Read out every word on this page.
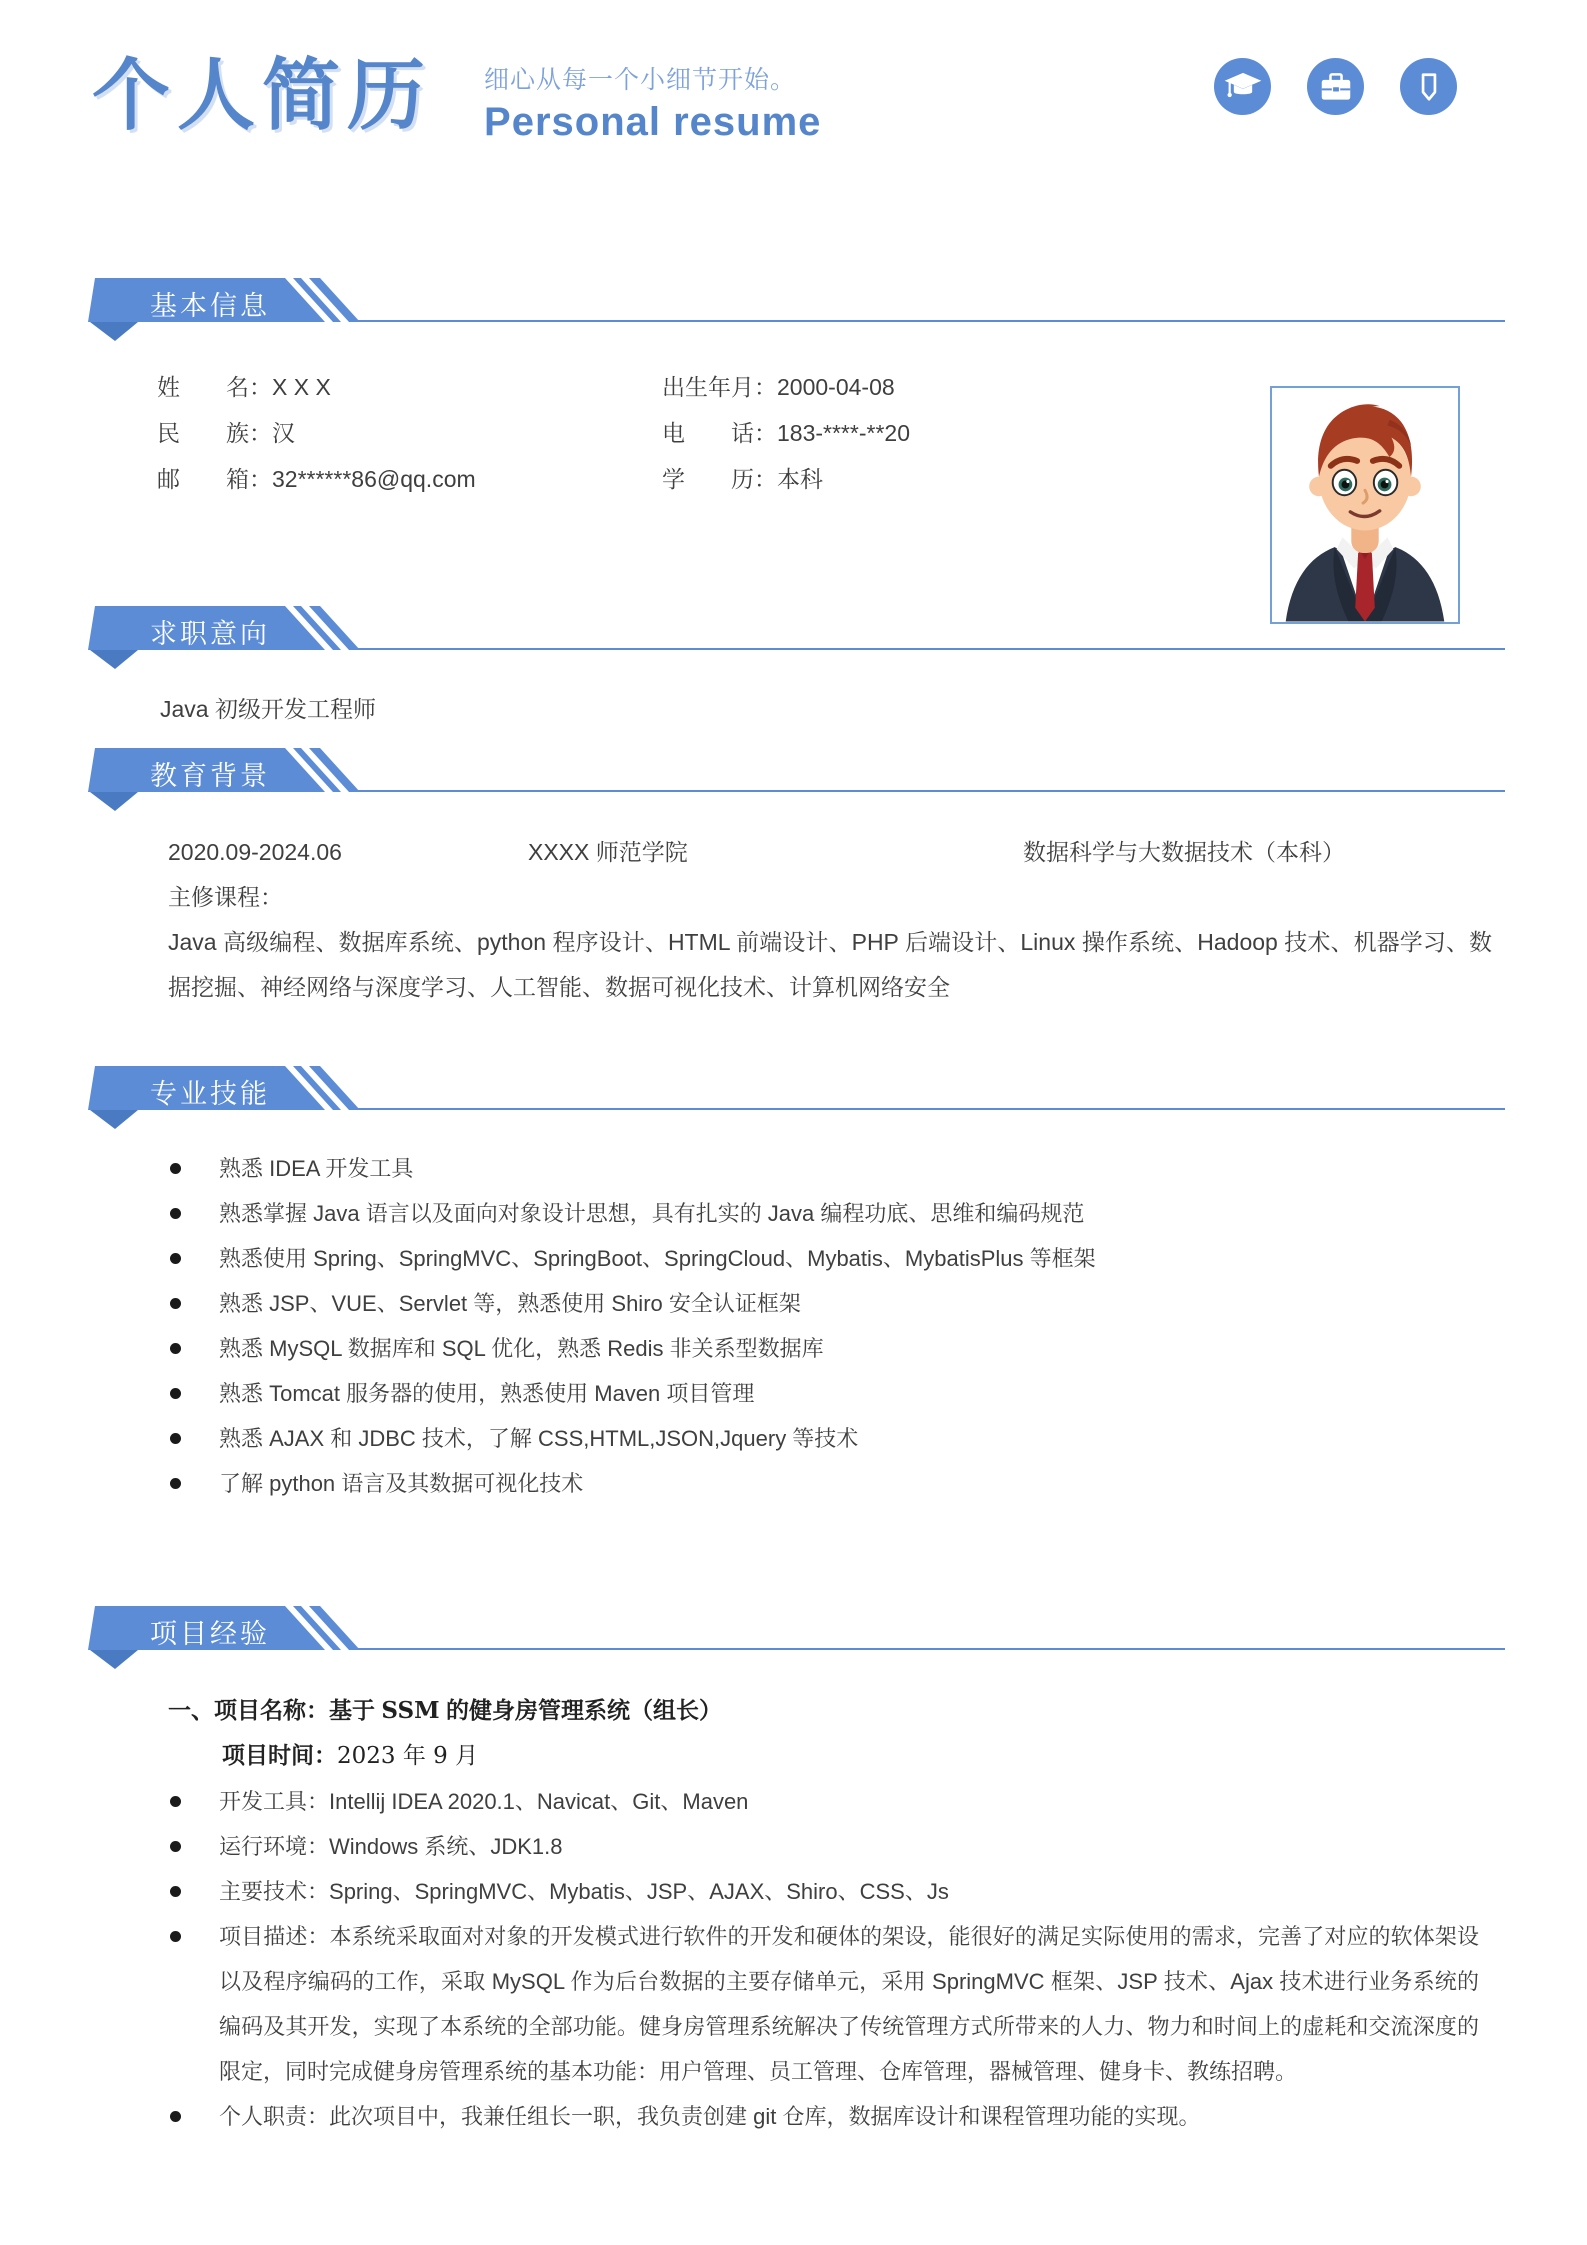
个人简历 细心从每一个小细节开始。
Personal resume
基本信息
姓　　名：X X X
民　　族：汉
邮　　箱：32******86@qq.com
出生年月：2000-04-08
电　　话：183-****-**20
学　　历：本科
求职意向
Java 初级开发工程师
教育背景
2020.09-2024.06	XXXX 师范学院	数据科学与大数据技术（本科）
主修课程：
Java 高级编程、数据库系统、python 程序设计、HTML 前端设计、PHP 后端设计、Linux 操作系统、Hadoop 技术、机器学习、数据挖掘、神经网络与深度学习、人工智能、数据可视化技术、计算机网络安全
专业技能
熟悉 IDEA 开发工具
熟悉掌握 Java 语言以及面向对象设计思想，具有扎实的 Java 编程功底、思维和编码规范
熟悉使用 Spring、SpringMVC、SpringBoot、SpringCloud、Mybatis、MybatisPlus 等框架
熟悉 JSP、VUE、Servlet 等，熟悉使用 Shiro 安全认证框架
熟悉 MySQL 数据库和 SQL 优化，熟悉 Redis 非关系型数据库
熟悉 Tomcat 服务器的使用，熟悉使用 Maven 项目管理
熟悉 AJAX 和 JDBC 技术，了解 CSS,HTML,JSON,Jquery 等技术
了解 python 语言及其数据可视化技术
项目经验
一、项目名称：基于 SSM 的健身房管理系统（组长）
项目时间：2023 年 9 月
开发工具：Intellij IDEA 2020.1、Navicat、Git、Maven
运行环境：Windows 系统、JDK1.8
主要技术：Spring、SpringMVC、Mybatis、JSP、AJAX、Shiro、CSS、Js
项目描述：本系统采取面对对象的开发模式进行软件的开发和硬体的架设，能很好的满足实际使用的需求，完善了对应的软体架设以及程序编码的工作，采取 MySQL 作为后台数据的主要存储单元，采用 SpringMVC 框架、JSP 技术、Ajax 技术进行业务系统的编码及其开发，实现了本系统的全部功能。健身房管理系统解决了传统管理方式所带来的人力、物力和时间上的虚耗和交流深度的限定，同时完成健身房管理系统的基本功能：用户管理、员工管理、仓库管理，器械管理、健身卡、教练招聘。
个人职责：此次项目中，我兼任组长一职，我负责创建 git 仓库，数据库设计和课程管理功能的实现。
